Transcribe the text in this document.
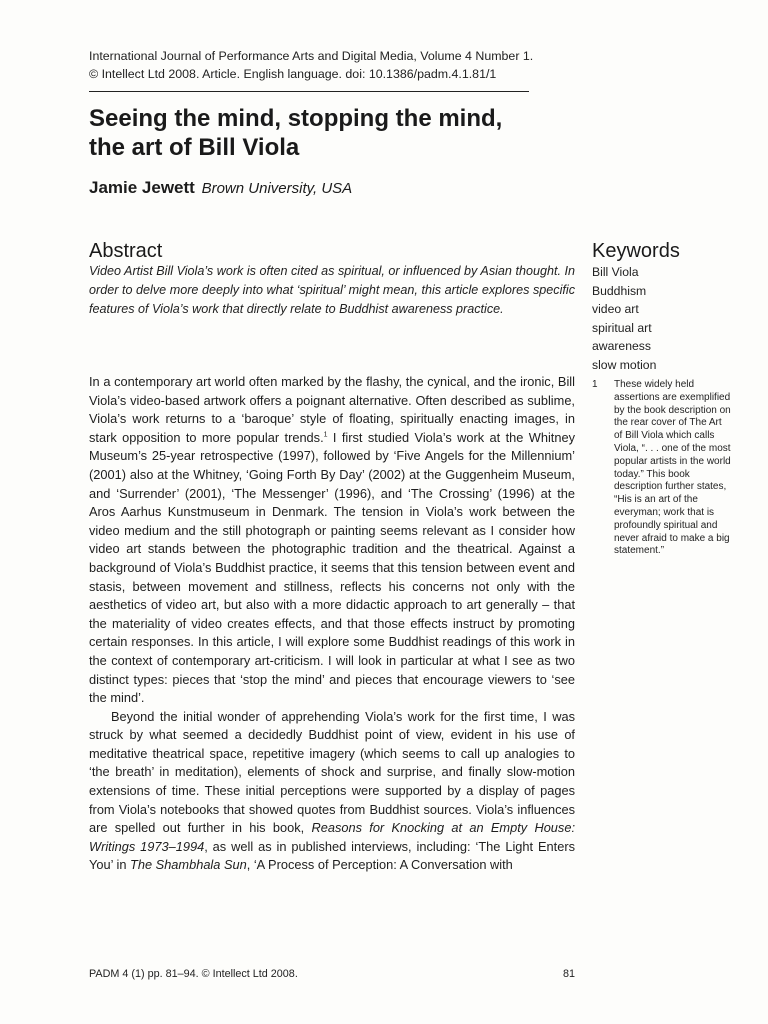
International Journal of Performance Arts and Digital Media, Volume 4 Number 1.
© Intellect Ltd 2008. Article. English language. doi: 10.1386/padm.4.1.81/1
Seeing the mind, stopping the mind,
the art of Bill Viola
Jamie Jewett Brown University, USA
Abstract

Video Artist Bill Viola’s work is often cited as spiritual, or influenced by Asian thought. In order to delve more deeply into what ‘spiritual’ might mean, this article explores specific features of Viola’s work that directly relate to Buddhist awareness practice.

Keywords
Bill Viola
Buddhism
video art
spiritual art
awareness
slow motion

In a contemporary art world often marked by the flashy, the cynical, and the ironic, Bill Viola’s video-based artwork offers a poignant alternative. Often described as sublime, Viola’s work returns to a ‘baroque’ style of floating, spiritually enacting images, in stark opposition to more popular trends.$^1$ I first studied Viola’s work at the Whitney Museum’s 25-year retrospective (1997), followed by ‘Five Angels for the Millennium’ (2001) also at the Whitney, ‘Going Forth By Day’ (2002) at the Guggenheim Museum, and ‘Surrender’ (2001), ‘The Messenger’ (1996), and ‘The Crossing’ (1996) at the Aros Aarhus Kunstmuseum in Denmark. The tension in Viola’s work between the video medium and the still photograph or painting seems relevant as I consider how video art stands between the photographic tradition and the theatrical. Against a background of Viola’s Buddhist practice, it seems that this tension between event and stasis, between movement and stillness, reflects his concerns not only with the aesthetics of video art, but also with a more didactic approach to art generally – that the materiality of video creates effects, and that those effects instruct by promoting certain responses. In this article, I will explore some Buddhist readings of this work in the context of contemporary art-criticism. I will look in particular at what I see as two distinct types: pieces that ‘stop the mind’ and pieces that encourage viewers to ‘see the mind’.

Beyond the initial wonder of apprehending Viola’s work for the first time, I was struck by what seemed a decidedly Buddhist point of view, evident in his use of meditative theatrical space, repetitive imagery (which seems to call up analogies to ‘the breath’ in meditation), elements of shock and surprise, and finally slow-motion extensions of time. These initial perceptions were supported by a display of pages from Viola’s notebooks that showed quotes from Buddhist sources. Viola’s influences are spelled out further in his book, Reasons for Knocking at an Empty House: Writings 1973–1994, as well as in published interviews, including: ‘The Light Enters You’ in The Shambhala Sun, ‘A Process of Perception: A Conversation with

1 These widely held assertions are exemplified by the book description on the rear cover of The Art of Bill Viola which calls Viola, “. . . one of the most popular artists in the world today.” This book description further states, “His is an art of the everyman; work that is profoundly spiritual and never afraid to make a big statement.”
PADM 4 (1) pp. 81–94. © Intellect Ltd 2008.	81
